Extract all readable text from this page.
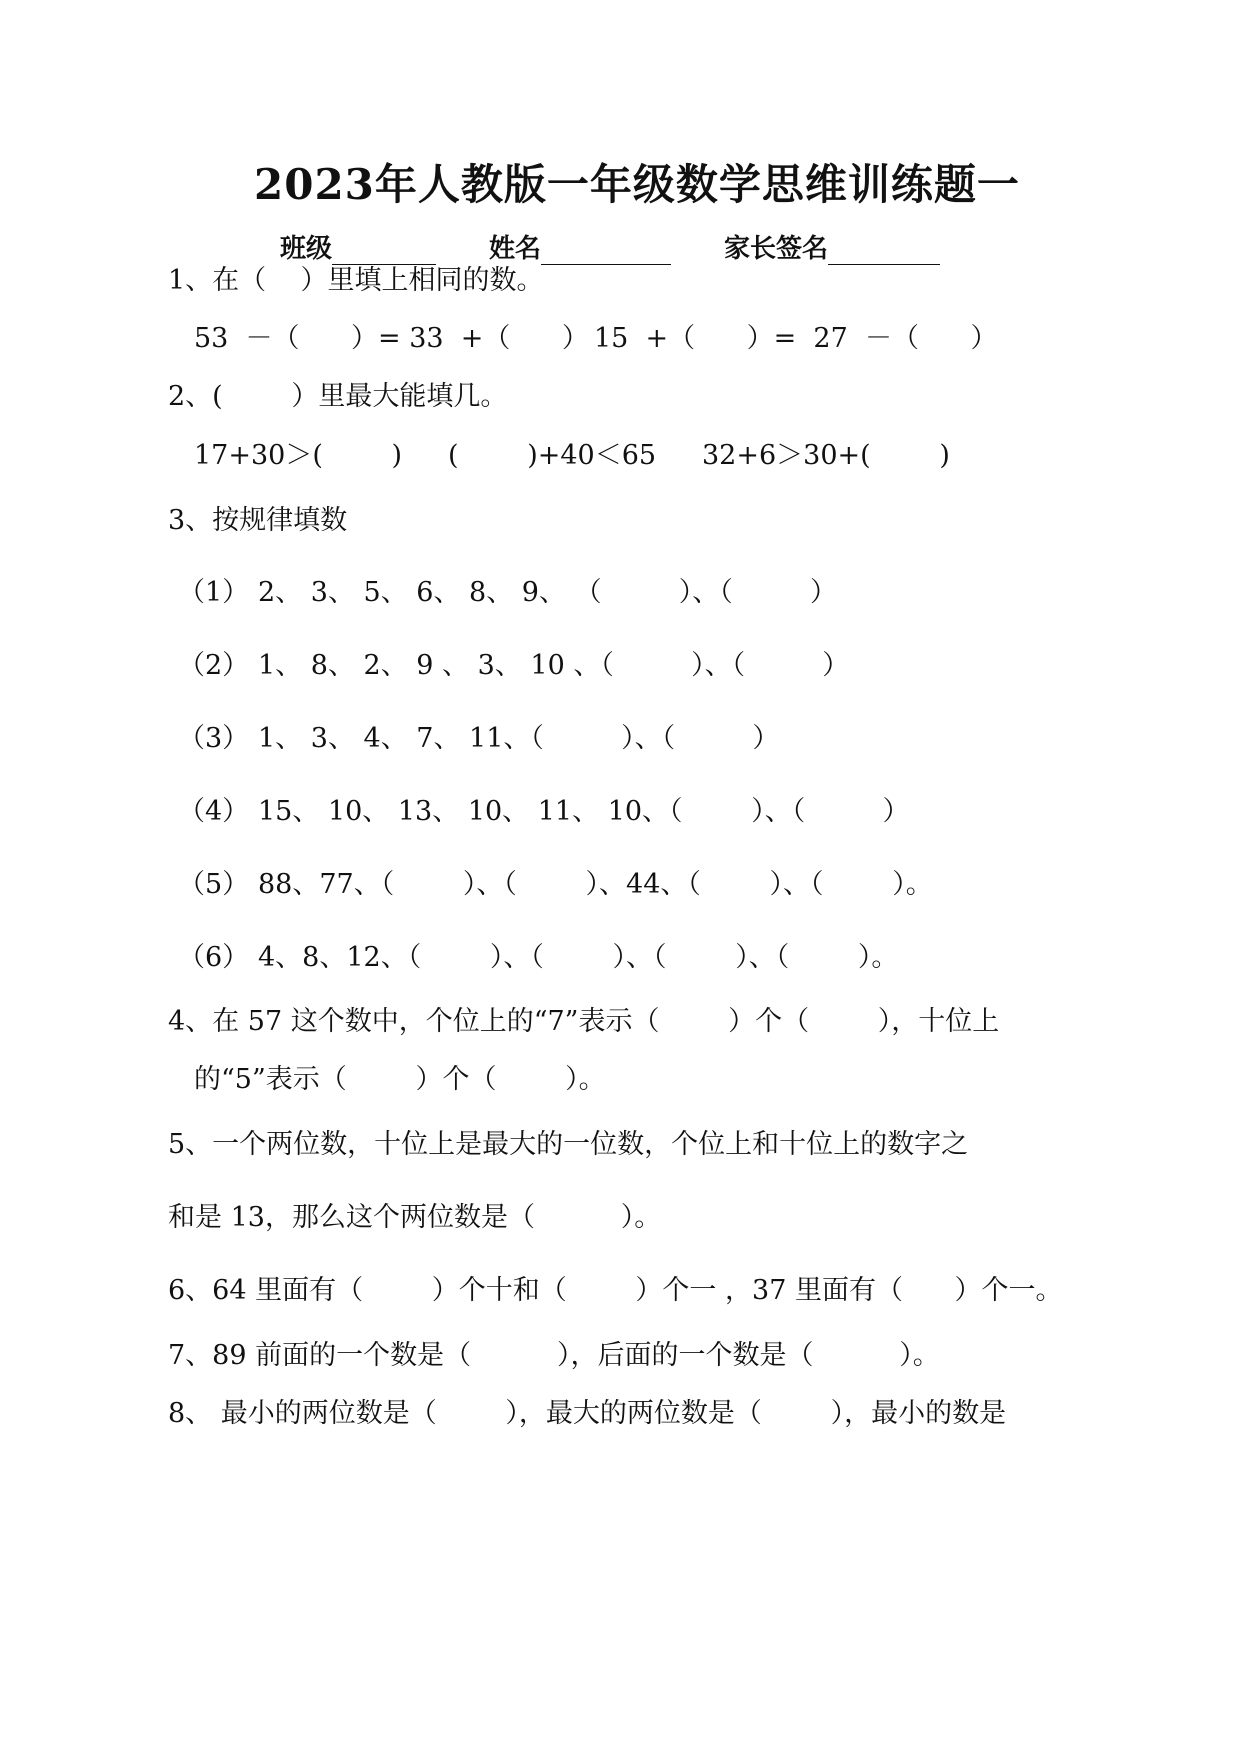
2023年人教版一年级数学思维训练题一
班级	姓名	家长签名
1、在（    ）里填上相同的数。
53  －（      ）= 33  +（      ） 15  +（      ）=  27  －（      ）
2、(        ）里最大能填几。
17+30＞(        ) (        )+40＜65 32+6＞30+(        )
3、按规律填数
（1） 2、 3、 5、 6、 8、 9、 （         ）、（         ）
（2） 1、 8、 2、 9 、 3、 10 、（         ）、（         ）
（3） 1、 3、 4、 7、 11、（         ）、（         ）
（4） 15、 10、 13、 10、 11、 10、（        ）、（         ）
（5） 88、77、（        ）、（        ）、44、（        ）、（        ）。
（6） 4、8、12、（        ）、（        ）、（        ）、（        ）。
4、在 57 这个数中，个位上的“7”表示（        ）个（        ），十位上
的“5”表示（        ）个（        ）。
5、一个两位数，十位上是最大的一位数，个位上和十位上的数字之
和是 13，那么这个两位数是（          ）。
6、64 里面有（        ）个十和（        ）个一 ，37 里面有（      ）个一。
7、89 前面的一个数是（          ），后面的一个数是（          ）。
8、 最小的两位数是（        ），最大的两位数是（        ），最小的数是
